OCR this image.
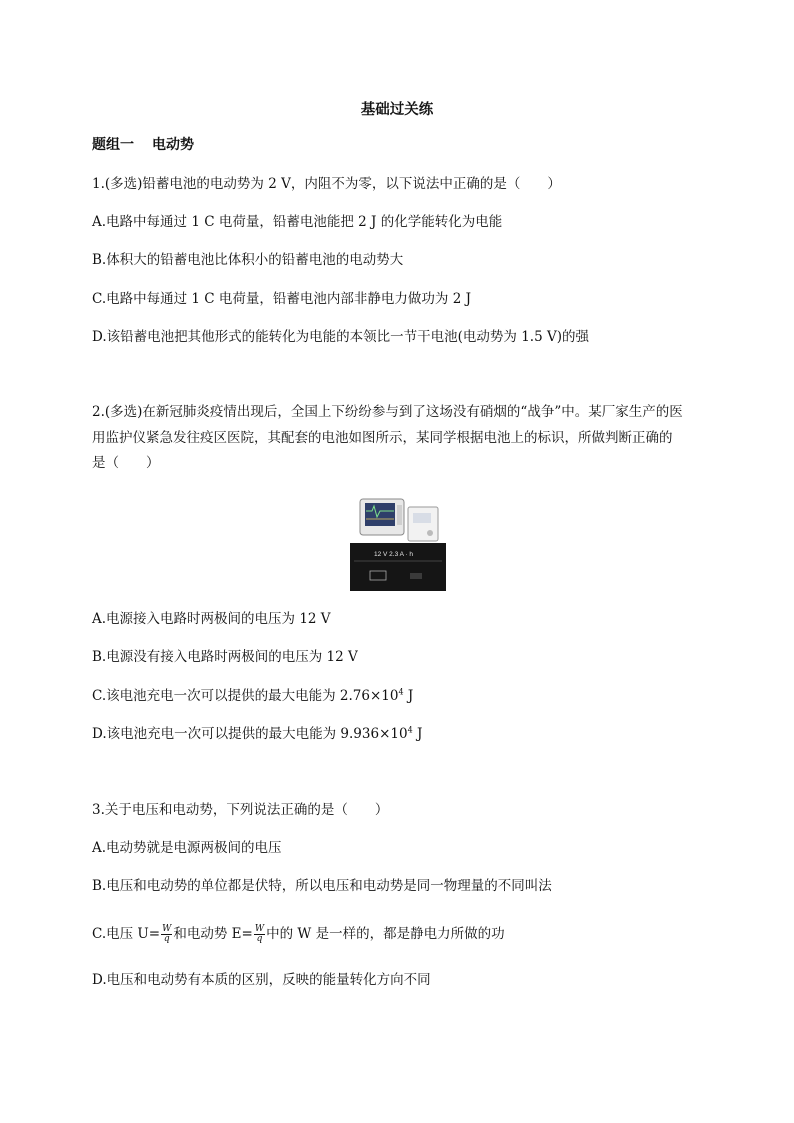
基础过关练
题组一 电动势
1.(多选)铅蓄电池的电动势为 2 V，内阻不为零，以下说法中正确的是（　　）
A.电路中每通过 1 C 电荷量，铅蓄电池能把 2 J 的化学能转化为电能
B.体积大的铅蓄电池比体积小的铅蓄电池的电动势大
C.电路中每通过 1 C 电荷量，铅蓄电池内部非静电力做功为 2 J
D.该铅蓄电池把其他形式的能转化为电能的本领比一节干电池(电动势为 1.5 V)的强
2.(多选)在新冠肺炎疫情出现后，全国上下纷纷参与到了这场没有硝烟的“战争”中。某厂家生产的医
用监护仪紧急发往疫区医院，其配套的电池如图所示，某同学根据电池上的标识，所做判断正确的
是（　　）
12 V 2.3 A · h
A.电源接入电路时两极间的电压为 12 V
B.电源没有接入电路时两极间的电压为 12 V
C.该电池充电一次可以提供的最大电能为 $2.76\times 10^4$ J
D.该电池充电一次可以提供的最大电能为 $9.936\times 10^4$ J
3.关于电压和电动势，下列说法正确的是（　　）
A.电动势就是电源两极间的电压
B.电压和电动势的单位都是伏特，所以电压和电动势是同一物理量的不同叫法
C.电压 $U= \frac{W}{q}$ 和电动势 $E= \frac{W}{q}$ 中的 W 是一样的，都是静电力所做的功
D.电压和电动势有本质的区别，反映的能量转化方向不同
